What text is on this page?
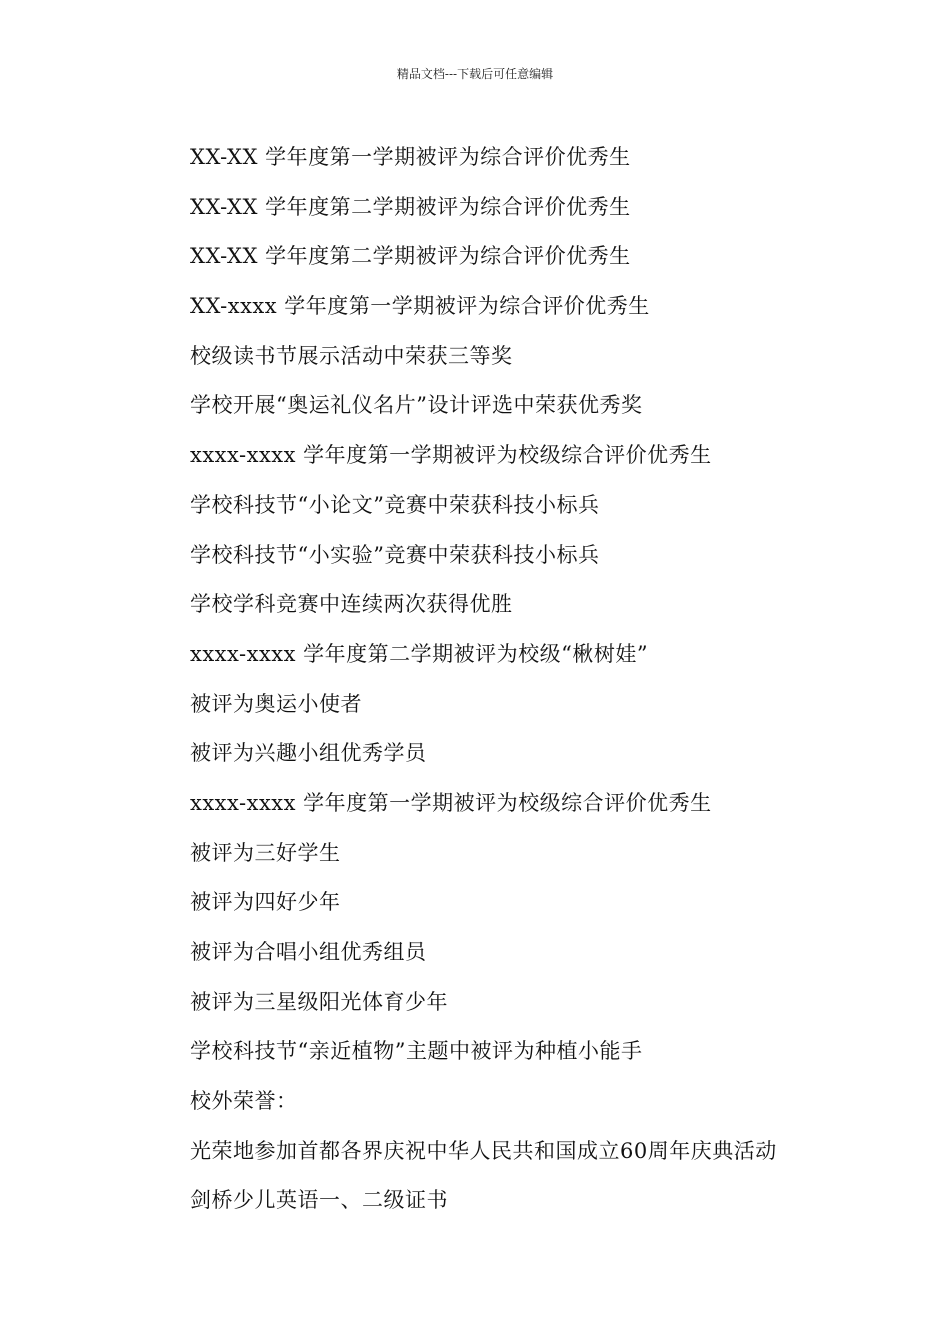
精品文档---下载后可任意编辑
XX-XX 学年度第一学期被评为综合评价优秀生
XX-XX 学年度第二学期被评为综合评价优秀生
XX-XX 学年度第二学期被评为综合评价优秀生
XX-xxxx 学年度第一学期被评为综合评价优秀生
校级读书节展示活动中荣获三等奖
学校开展“奥运礼仪名片”设计评选中荣获优秀奖
xxxx-xxxx 学年度第一学期被评为校级综合评价优秀生
学校科技节“小论文”竞赛中荣获科技小标兵
学校科技节“小实验”竞赛中荣获科技小标兵
学校学科竞赛中连续两次获得优胜
xxxx-xxxx 学年度第二学期被评为校级“楸树娃”
被评为奥运小使者
被评为兴趣小组优秀学员
xxxx-xxxx 学年度第一学期被评为校级综合评价优秀生
被评为三好学生
被评为四好少年
被评为合唱小组优秀组员
被评为三星级阳光体育少年
学校科技节“亲近植物”主题中被评为种植小能手
校外荣誉：
光荣地参加首都各界庆祝中华人民共和国成立60周年庆典活动
剑桥少儿英语一、二级证书
